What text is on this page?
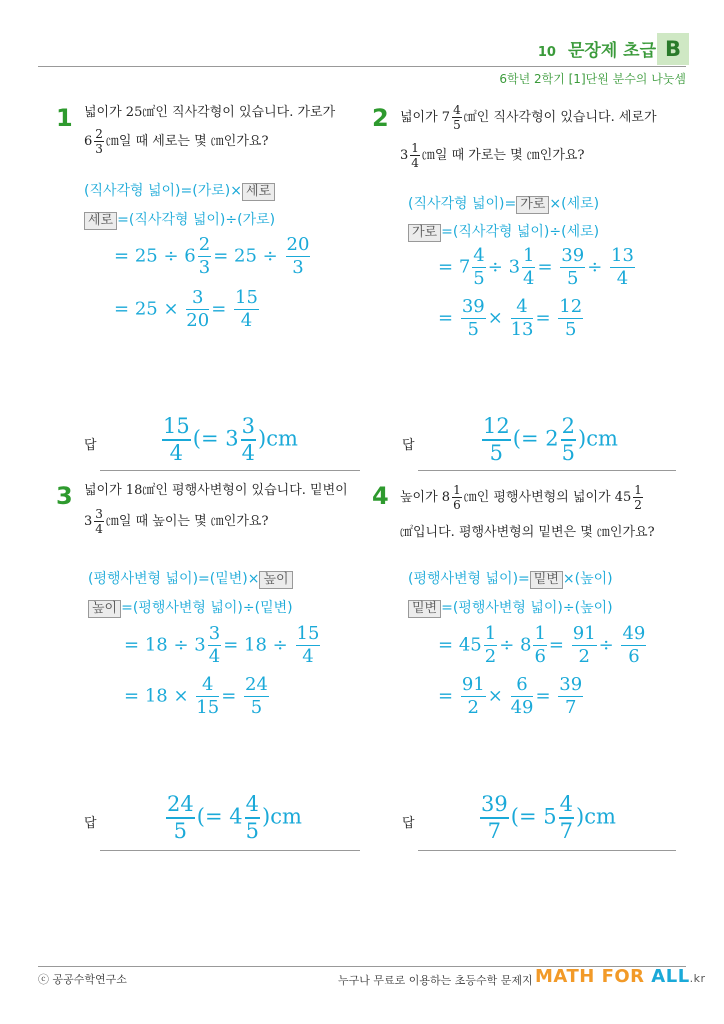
10 문장제 초급 B
6학년 2학기 [1]단원 분수의 나눗셈
1 넓이가 25㎠인 직사각형이 있습니다. 가로가
$6 \frac{2}{3}$ ㎝일 때 세로는 몇 ㎝인가요?
(직사각형 넓이)=(가로)× 세로
세로 =(직사각형 넓이)÷(가로)
= $25 \div 6 \frac{2}{3} = 25 \div \frac{20}{3}$
= $25 \times \frac{3}{20} = \frac{15}{4}$
답	$\frac{15}{4}$ (= $3 \frac{3}{4} )cm$
2 넓이가 $7 \frac{4}{5}$ ㎠인 직사각형이 있습니다. 세로가
$3 \frac{1}{4}$ ㎝일 때 가로는 몇 ㎝인가요?
(직사각형 넓이)= 가로 ×(세로)
가로 =(직사각형 넓이)÷(세로)
= $7 \frac{4}{5} \div 3 \frac{1}{4} = \frac{39}{5} \div \frac{13}{4}$
= $\frac{39}{5} \times \frac{4}{13} = \frac{12}{5}$
답	$\frac{12}{5}$ (= $2 \frac{2}{5} )cm$
3 넓이가 18㎠인 평행사변형이 있습니다. 밑변이
$3 \frac{3}{4}$ ㎝일 때 높이는 몇 ㎝인가요?
(평행사변형 넓이)=(밑변)× 높이
높이 =(평행사변형 넓이)÷(밑변)
= $18 \div 3 \frac{3}{4} = 18 \div \frac{15}{4}$
= $18 \times \frac{4}{15} = \frac{24}{5}$
답	$\frac{24}{5}$ (= $4 \frac{4}{5} )cm$
4 높이가 $8 \frac{1}{6}$ ㎝인 평행사변형의 넓이가 $45 \frac{1}{2}$
㎠입니다. 평행사변형의 밑변은 몇 ㎝인가요?
(평행사변형 넓이)= 밑변 ×(높이)
밑변 =(평행사변형 넓이)÷(높이)
= $45 \frac{1}{2} \div 8 \frac{1}{6} = \frac{91}{2} \div \frac{49}{6}$
= $\frac{91}{2} \times \frac{6}{49} = \frac{39}{7}$
답	$\frac{39}{7}$ (= $5 \frac{4}{7} )cm$
ⓒ 공공수학연구소	누구나 무료로 이용하는 초등수학 문제지 MATH FOR ALL.kr
